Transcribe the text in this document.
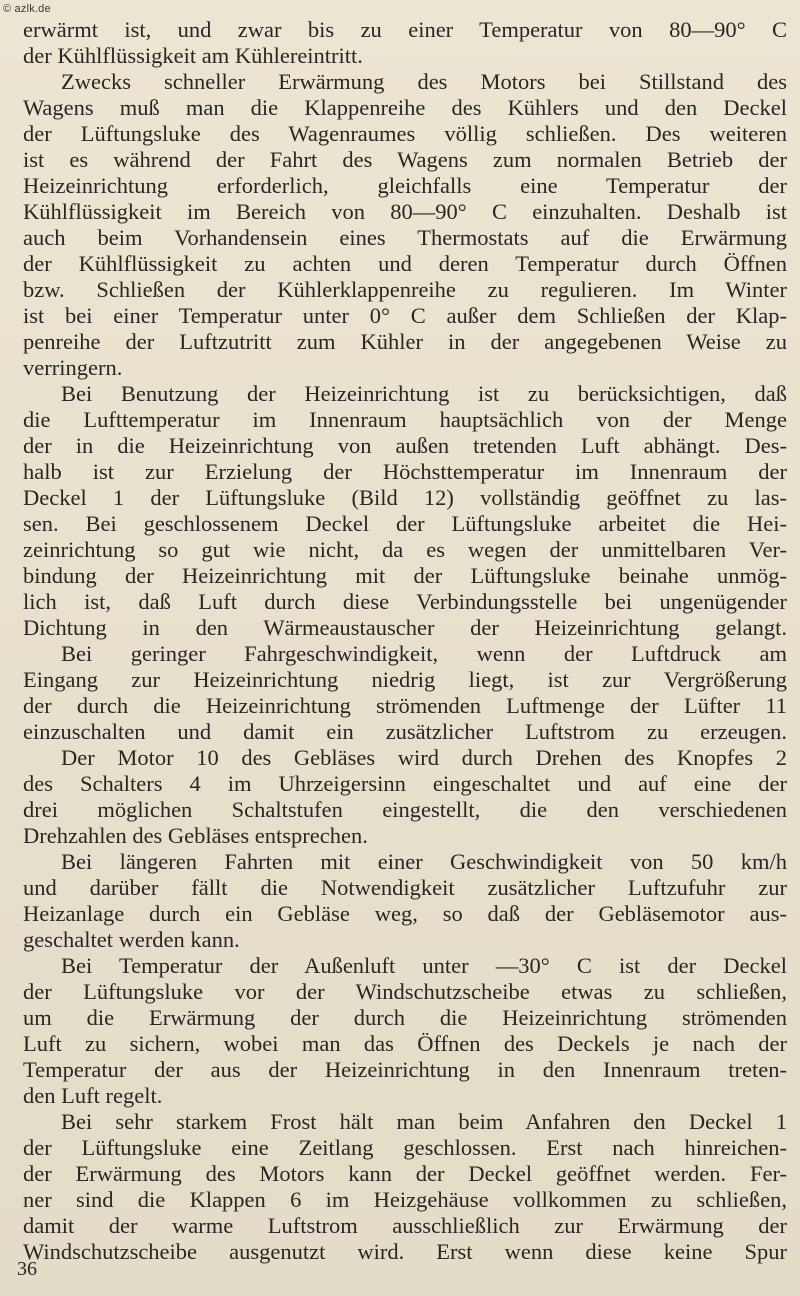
© azlk.de
erwärmt ist, und zwar bis zu einer Temperatur von 80—90° C
der Kühlflüssigkeit am Kühlereintritt.
Zwecks schneller Erwärmung des Motors bei Stillstand des
Wagens muß man die Klappenreihe des Kühlers und den Deckel
der Lüftungsluke des Wagenraumes völlig schließen. Des weiteren
ist es während der Fahrt des Wagens zum normalen Betrieb der
Heizeinrichtung erforderlich, gleichfalls eine Temperatur der
Kühlflüssigkeit im Bereich von 80—90° C einzuhalten. Deshalb ist
auch beim Vorhandensein eines Thermostats auf die Erwärmung
der Kühlflüssigkeit zu achten und deren Temperatur durch Öffnen
bzw. Schließen der Kühlerklappenreihe zu regulieren. Im Winter
ist bei einer Temperatur unter 0° C außer dem Schließen der Klap-
penreihe der Luftzutritt zum Kühler in der angegebenen Weise zu
verringern.
Bei Benutzung der Heizeinrichtung ist zu berücksichtigen, daß
die Lufttemperatur im Innenraum hauptsächlich von der Menge
der in die Heizeinrichtung von außen tretenden Luft abhängt. Des-
halb ist zur Erzielung der Höchsttemperatur im Innenraum der
Deckel 1 der Lüftungsluke (Bild 12) vollständig geöffnet zu las-
sen. Bei geschlossenem Deckel der Lüftungsluke arbeitet die Hei-
zeinrichtung so gut wie nicht, da es wegen der unmittelbaren Ver-
bindung der Heizeinrichtung mit der Lüftungsluke beinahe unmög-
lich ist, daß Luft durch diese Verbindungsstelle bei ungenügender
Dichtung in den Wärmeaustauscher der Heizeinrichtung gelangt.
Bei geringer Fahrgeschwindigkeit, wenn der Luftdruck am
Eingang zur Heizeinrichtung niedrig liegt, ist zur Vergrößerung
der durch die Heizeinrichtung strömenden Luftmenge der Lüfter 11
einzuschalten und damit ein zusätzlicher Luftstrom zu erzeugen.
Der Motor 10 des Gebläses wird durch Drehen des Knopfes 2
des Schalters 4 im Uhrzeigersinn eingeschaltet und auf eine der
drei möglichen Schaltstufen eingestellt, die den verschiedenen
Drehzahlen des Gebläses entsprechen.
Bei längeren Fahrten mit einer Geschwindigkeit von 50 km/h
und darüber fällt die Notwendigkeit zusätzlicher Luftzufuhr zur
Heizanlage durch ein Gebläse weg, so daß der Gebläsemotor aus-
geschaltet werden kann.
Bei Temperatur der Außenluft unter —30° C ist der Deckel
der Lüftungsluke vor der Windschutzscheibe etwas zu schließen,
um die Erwärmung der durch die Heizeinrichtung strömenden
Luft zu sichern, wobei man das Öffnen des Deckels je nach der
Temperatur der aus der Heizeinrichtung in den Innenraum treten-
den Luft regelt.
Bei sehr starkem Frost hält man beim Anfahren den Deckel 1
der Lüftungsluke eine Zeitlang geschlossen. Erst nach hinreichen-
der Erwärmung des Motors kann der Deckel geöffnet werden. Fer-
ner sind die Klappen 6 im Heizgehäuse vollkommen zu schließen,
damit der warme Luftstrom ausschließlich zur Erwärmung der
Windschutzscheibe ausgenutzt wird. Erst wenn diese keine Spur
36
